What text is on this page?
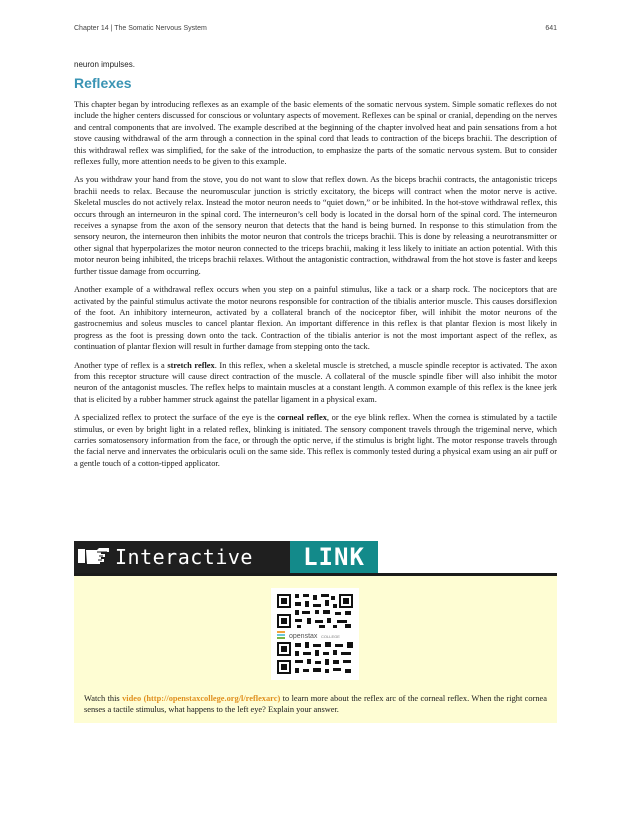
Chapter 14 | The Somatic Nervous System	641
neuron impulses.
Reflexes

This chapter began by introducing reflexes as an example of the basic elements of the somatic nervous system. Simple somatic reflexes do not include the higher centers discussed for conscious or voluntary aspects of movement. Reflexes can be spinal or cranial, depending on the nerves and central components that are involved. The example described at the beginning of the chapter involved heat and pain sensations from a hot stove causing withdrawal of the arm through a connection in the spinal cord that leads to contraction of the biceps brachii. The description of this withdrawal reflex was simplified, for the sake of the introduction, to emphasize the parts of the somatic nervous system. But to consider reflexes fully, more attention needs to be given to this example.

As you withdraw your hand from the stove, you do not want to slow that reflex down. As the biceps brachii contracts, the antagonistic triceps brachii needs to relax. Because the neuromuscular junction is strictly excitatory, the biceps will contract when the motor nerve is active. Skeletal muscles do not actively relax. Instead the motor neuron needs to “quiet down,” or be inhibited. In the hot-stove withdrawal reflex, this occurs through an interneuron in the spinal cord. The interneuron’s cell body is located in the dorsal horn of the spinal cord. The interneuron receives a synapse from the axon of the sensory neuron that detects that the hand is being burned. In response to this stimulation from the sensory neuron, the interneuron then inhibits the motor neuron that controls the triceps brachii. This is done by releasing a neurotransmitter or other signal that hyperpolarizes the motor neuron connected to the triceps brachii, making it less likely to initiate an action potential. With this motor neuron being inhibited, the triceps brachii relaxes. Without the antagonistic contraction, withdrawal from the hot stove is faster and keeps further tissue damage from occurring.

Another example of a withdrawal reflex occurs when you step on a painful stimulus, like a tack or a sharp rock. The nociceptors that are activated by the painful stimulus activate the motor neurons responsible for contraction of the tibialis anterior muscle. This causes dorsiflexion of the foot. An inhibitory interneuron, activated by a collateral branch of the nociceptor fiber, will inhibit the motor neurons of the gastrocnemius and soleus muscles to cancel plantar flexion. An important difference in this reflex is that plantar flexion is most likely in progress as the foot is pressing down onto the tack. Contraction of the tibialis anterior is not the most important aspect of the reflex, as continuation of plantar flexion will result in further damage from stepping onto the tack.

Another type of reflex is a stretch reflex. In this reflex, when a skeletal muscle is stretched, a muscle spindle receptor is activated. The axon from this receptor structure will cause direct contraction of the muscle. A collateral of the muscle spindle fiber will also inhibit the motor neuron of the antagonist muscles. The reflex helps to maintain muscles at a constant length. A common example of this reflex is the knee jerk that is elicited by a rubber hammer struck against the patellar ligament in a physical exam.

A specialized reflex to protect the surface of the eye is the corneal reflex, or the eye blink reflex. When the cornea is stimulated by a tactile stimulus, or even by bright light in a related reflex, blinking is initiated. The sensory component travels through the trigeminal nerve, which carries somatosensory information from the face, or through the optic nerve, if the stimulus is bright light. The motor response travels through the facial nerve and innervates the orbicularis oculi on the same side. This reflex is commonly tested during a physical exam using an air puff or a gentle touch of a cotton-tipped applicator.

Interactive LINK
openstax COLLEGE

Watch this video (http://openstaxcollege.org/l/reflexarc) to learn more about the reflex arc of the corneal reflex. When the right cornea senses a tactile stimulus, what happens to the left eye? Explain your answer.
